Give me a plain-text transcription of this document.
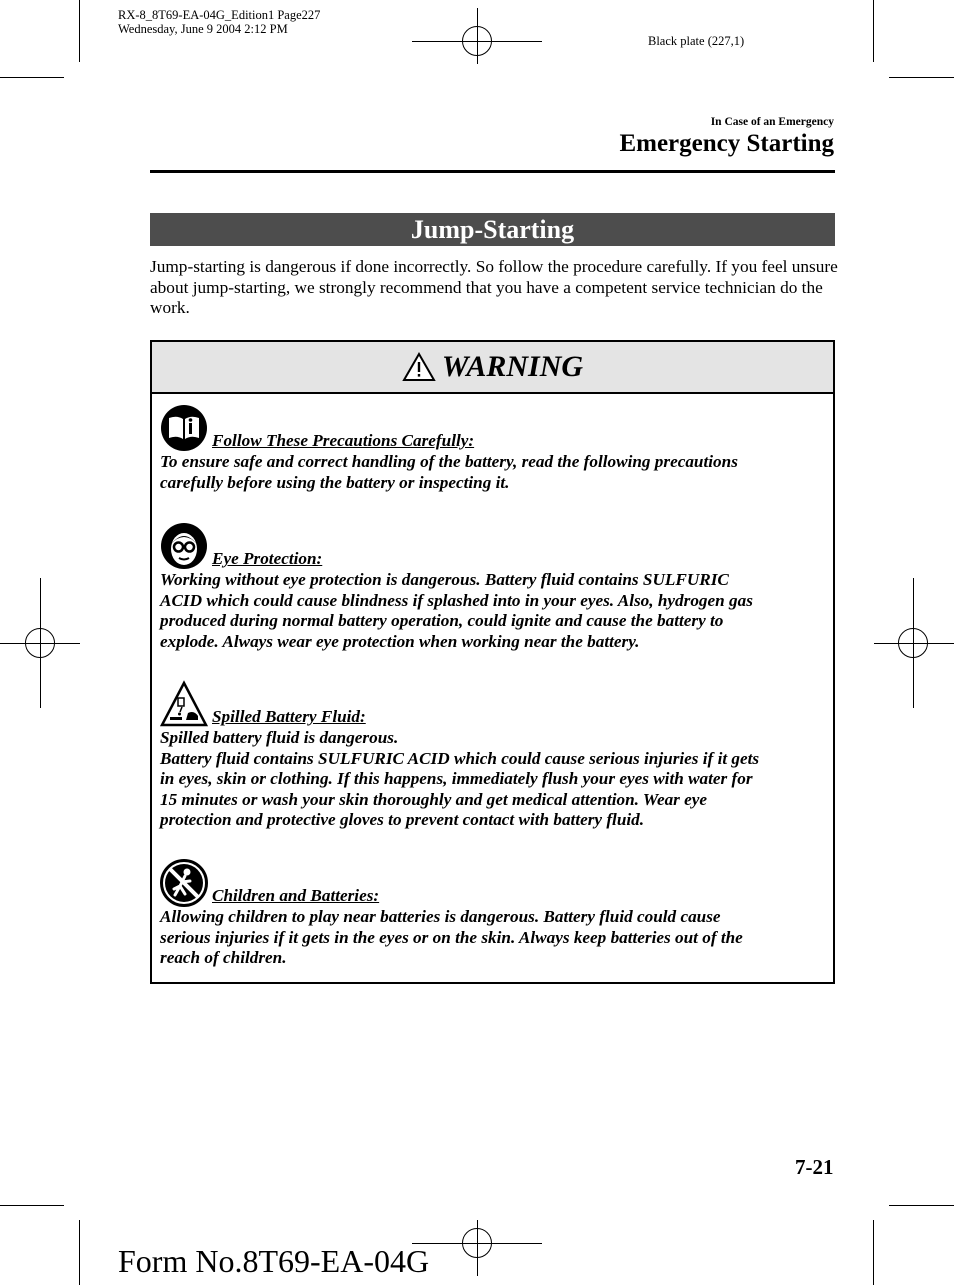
RX-8_8T69-EA-04G_Edition1 Page227
Wednesday, June 9 2004 2:12 PM
Black plate (227,1)
In Case of an Emergency
Emergency Starting
Jump-Starting
Jump-starting is dangerous if done incorrectly. So follow the procedure carefully. If you feel unsure about jump-starting, we strongly recommend that you have a competent service technician do the work.
WARNING
Follow These Precautions Carefully:
To ensure safe and correct handling of the battery, read the following precautions
carefully before using the battery or inspecting it.
Eye Protection:
Working without eye protection is dangerous. Battery fluid contains SULFURIC
ACID which could cause blindness if splashed into in your eyes. Also, hydrogen gas
produced during normal battery operation, could ignite and cause the battery to
explode. Always wear eye protection when working near the battery.
Spilled Battery Fluid:
Spilled battery fluid is dangerous.
Battery fluid contains SULFURIC ACID which could cause serious injuries if it gets
in eyes, skin or clothing. If this happens, immediately flush your eyes with water for
15 minutes or wash your skin thoroughly and get medical attention. Wear eye
protection and protective gloves to prevent contact with battery fluid.
Children and Batteries:
Allowing children to play near batteries is dangerous. Battery fluid could cause
serious injuries if it gets in the eyes or on the skin. Always keep batteries out of the
reach of children.
7-21
Form No.8T69-EA-04G
